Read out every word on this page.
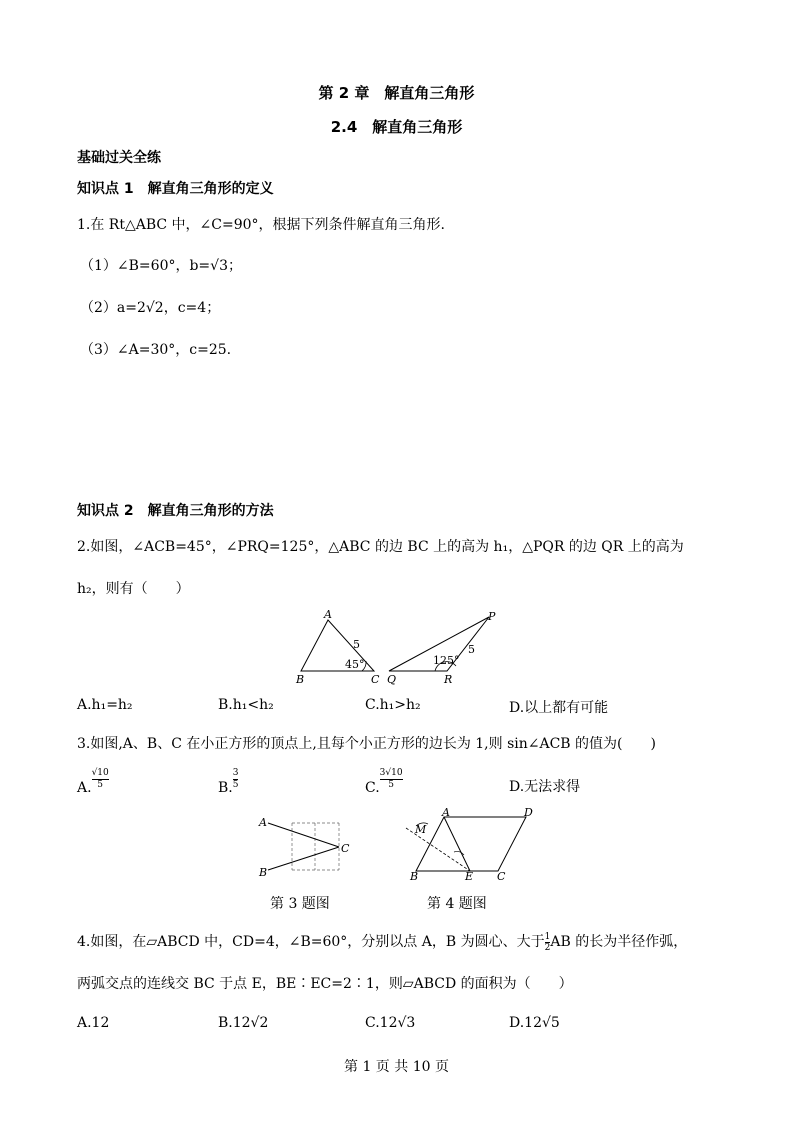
第 2 章　解直角三角形
2.4　解直角三角形
基础过关全练
知识点 1　解直角三角形的定义
1.在 Rt△ABC 中，∠C=90°，根据下列条件解直角三角形.
（1）∠B=60°，b=√3；
（2）a=2√2，c=4；
（3）∠A=30°，c=25.
知识点 2　解直角三角形的方法
2.如图，∠ACB=45°，∠PRQ=125°，△ABC 的边 BC 上的高为 h₁，△PQR 的边 QR 上的高为
h₂，则有（　　）
A
B	C
5
45°
P
Q	R
5
125°
A.h₁=h₂	B.h₁<h₂	C.h₁>h₂	D.以上都有可能
3.如图,A、B、C 在小正方形的顶点上,且每个小正方形的边长为 1,则 sin∠ACB 的值为(　　)
A. $\frac{√10}{5}$	B. $\frac{3}{5}$	C. $\frac{3√10}{5}$	D.无法求得
A
B
C
A	D
M
B	E C
第 3 题图	第 4 题图
4.如图，在▱ABCD 中，CD=4，∠B=60°，分别以点 A，B 为圆心、大于 $\frac{1}{2}$ AB 的长为半径作弧，
两弧交点的连线交 BC 于点 E，BE∶EC=2∶1，则▱ABCD 的面积为（　　）
A.12	B.12√2	C.12√3	D.12√5
第 1 页 共 10 页
